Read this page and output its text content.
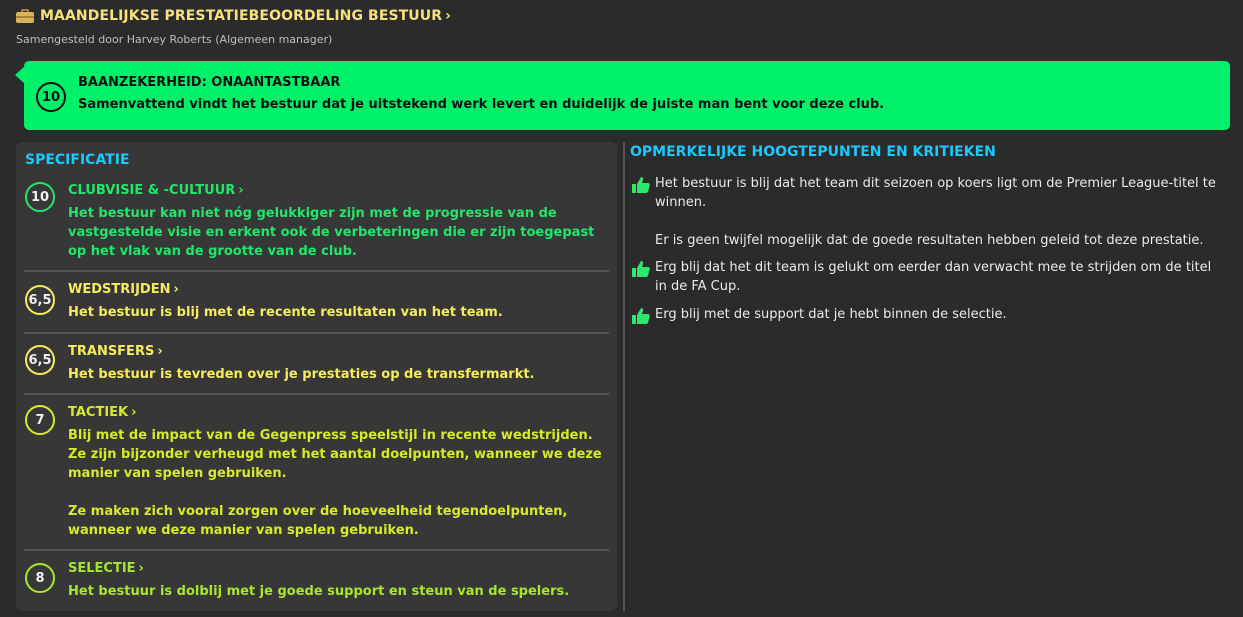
MAANDELIJKSE PRESTATIEBEOORDELING BESTUUR ›
Samengesteld door Harvey Roberts (Algemeen manager)
10
BAANZEKERHEID: ONAANTASTBAAR
Samenvattend vindt het bestuur dat je uitstekend werk levert en duidelijk de juiste man bent voor deze club.
SPECIFICATIE
10	CLUBVISIE & -CULTUUR ›
Het bestuur kan niet nóg gelukkiger zijn met de progressie van de vastgestelde visie en erkent ook de verbeteringen die er zijn toegepast op het vlak van de grootte van de club.
6,5
WEDSTRIJDEN ›
Het bestuur is blij met de recente resultaten van het team.
6,5
TRANSFERS ›
Het bestuur is tevreden over je prestaties op de transfermarkt.
7	TACTIEK ›
Blij met de impact van de Gegenpress speelstijl in recente wedstrijden. Ze zijn bijzonder verheugd met het aantal doelpunten, wanneer we deze manier van spelen gebruiken.

Ze maken zich vooral zorgen over de hoeveelheid tegendoelpunten, wanneer we deze manier van spelen gebruiken.
8
SELECTIE ›
Het bestuur is dolblij met je goede support en steun van de spelers.
OPMERKELIJKE HOOGTEPUNTEN EN KRITIEKEN
Het bestuur is blij dat het team dit seizoen op koers ligt om de Premier League-titel te winnen.

Er is geen twijfel mogelijk dat de goede resultaten hebben geleid tot deze prestatie.
Erg blij dat het dit team is gelukt om eerder dan verwacht mee te strijden om de titel in de FA Cup.
Erg blij met de support dat je hebt binnen de selectie.
